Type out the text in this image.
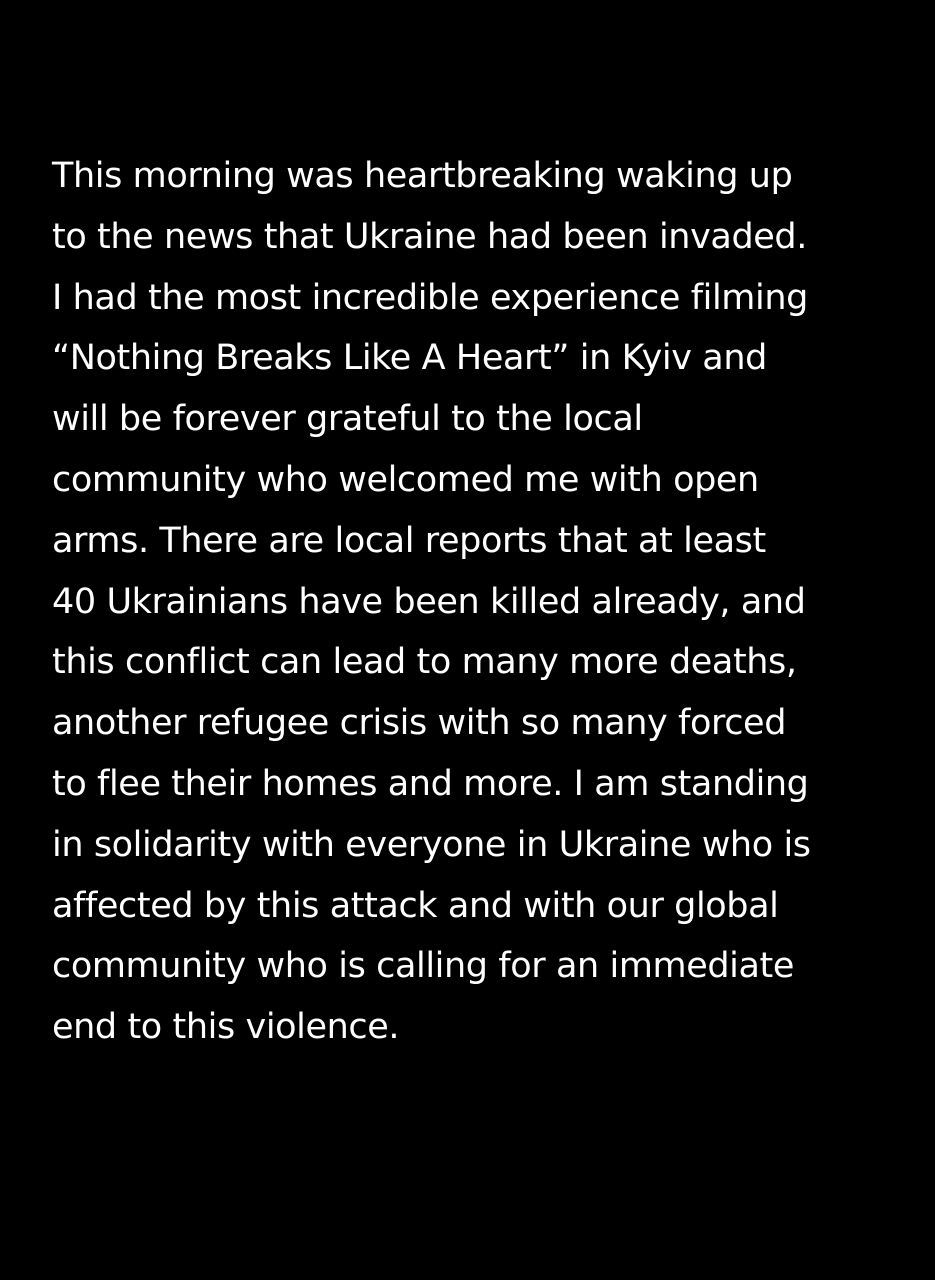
This morning was heartbreaking waking up
to the news that Ukraine had been invaded.
I had the most incredible experience filming
“Nothing Breaks Like A Heart” in Kyiv and
will be forever grateful to the local
community who welcomed me with open
arms. There are local reports that at least
40 Ukrainians have been killed already, and
this conflict can lead to many more deaths,
another refugee crisis with so many forced
to flee their homes and more. I am standing
in solidarity with everyone in Ukraine who is
affected by this attack and with our global
community who is calling for an immediate
end to this violence.
